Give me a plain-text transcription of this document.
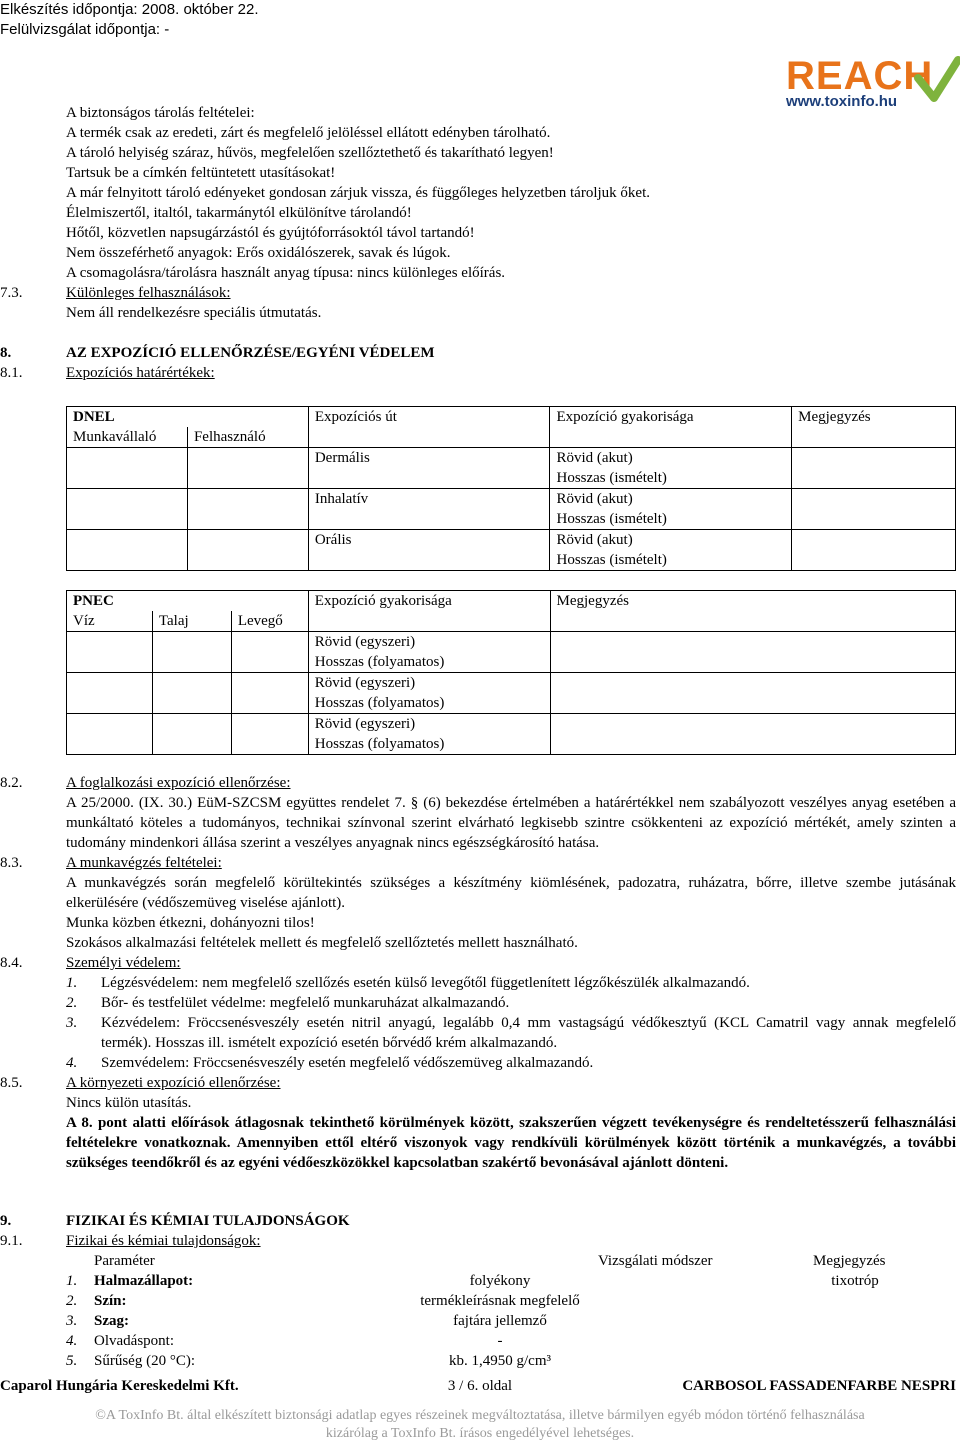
Elkészítés időpontja: 2008. október 22.
Felülvizsgálat időpontja: -
REACH
www.toxinfo.hu
A biztonságos tárolás feltételei:
A termék csak az eredeti, zárt és megfelelő jelöléssel ellátott edényben tárolható.
A tároló helyiség száraz, hűvös, megfelelően szellőztethető és takarítható legyen!
Tartsuk be a címkén feltüntetett utasításokat!
A már felnyitott tároló edényeket gondosan zárjuk vissza, és függőleges helyzetben tároljuk őket.
Élelmiszertől, italtól, takarmánytól elkülönítve tárolandó!
Hőtől, közvetlen napsugárzástól és gyújtóforrásoktól távol tartandó!
Nem összeférhető anyagok: Erős oxidálószerek, savak és lúgok.
A csomagolásra/tárolásra használt anyag típusa: nincs különleges előírás.
7.3.	Különleges felhasználások:
Nem áll rendelkezésre speciális útmutatás.
8.	AZ EXPOZÍCIÓ ELLENŐRZÉSE/EGYÉNI VÉDELEM
8.1.	Expozíciós határértékek:
DNEL		Expozíciós út	Expozíció gyakorisága	Megjegyzés
Munkavállaló	Felhasználó			
		Dermális	Rövid (akut)
Hosszas (ismételt)	
		Inhalatív	Rövid (akut)
Hosszas (ismételt)	
		Orális	Rövid (akut)
Hosszas (ismételt)	
PNEC			Expozíció gyakorisága	Megjegyzés
Víz	Talaj	Levegő		
			Rövid (egyszeri)
Hosszas (folyamatos)	
			Rövid (egyszeri)
Hosszas (folyamatos)	
			Rövid (egyszeri)
Hosszas (folyamatos)	
8.2.	A foglalkozási expozíció ellenőrzése:
A 25/2000. (IX. 30.) EüM-SZCSM együttes rendelet 7. § (6) bekezdése értelmében a határértékkel nem szabályozott veszélyes anyag esetében a munkáltató köteles a tudományos, technikai színvonal szerint elvárható legkisebb szintre csökkenteni az expozíció mértékét, amely szinten a tudomány mindenkori állása szerint a veszélyes anyagnak nincs egészségkárosító hatása.
8.3.	A munkavégzés feltételei:
A munkavégzés során megfelelő körültekintés szükséges a készítmény kiömlésének, padozatra, ruházatra, bőrre, illetve szembe jutásának elkerülésére (védőszemüveg viselése ajánlott).
Munka közben étkezni, dohányozni tilos!
Szokásos alkalmazási feltételek mellett és megfelelő szellőztetés mellett használható.
8.4.	Személyi védelem:
1. Légzésvédelem: nem megfelelő szellőzés esetén külső levegőtől függetlenített légzőkészülék alkalmazandó.
2. Bőr- és testfelület védelme: megfelelő munkaruházat alkalmazandó.
3. Kézvédelem: Fröccsenésveszély esetén nitril anyagú, legalább 0,4 mm vastagságú védőkesztyű (KCL Camatril vagy annak megfelelő termék). Hosszas ill. ismételt expozíció esetén bőrvédő krém alkalmazandó.
4. Szemvédelem: Fröccsenésveszély esetén megfelelő védőszemüveg alkalmazandó.
8.5.	A környezeti expozíció ellenőrzése:
Nincs külön utasítás.
A 8. pont alatti előírások átlagosnak tekinthető körülmények között, szakszerűen végzett tevékenységre és rendeltetésszerű felhasználási feltételekre vonatkoznak. Amennyiben ettől eltérő viszonyok vagy rendkívüli körülmények között történik a munkavégzés, a további szükséges teendőkről és az egyéni védőeszközökkel kapcsolatban szakértő bevonásával ajánlott dönteni.
9.	FIZIKAI ÉS KÉMIAI TULAJDONSÁGOK
9.1.	Fizikai és kémiai tulajdonságok:
Paraméter	Vizsgálati módszer	Megjegyzés
1. Halmazállapot:	folyékony	tixotróp
2. Szín:	termékleírásnak megfelelő
3. Szag:	fajtára jellemző
4. Olvadáspont:	-
5. Sűrűség (20 °C):	kb. 1,4950 g/cm³
Caparol Hungária Kereskedelmi Kft.	3 / 6. oldal	CARBOSOL FASSADENFARBE NESPRI
©A ToxInfo Bt. által elkészített biztonsági adatlap egyes részeinek megváltoztatása, illetve bármilyen egyéb módon történő felhasználása
kizárólag a ToxInfo Bt. írásos engedélyével lehetséges.
